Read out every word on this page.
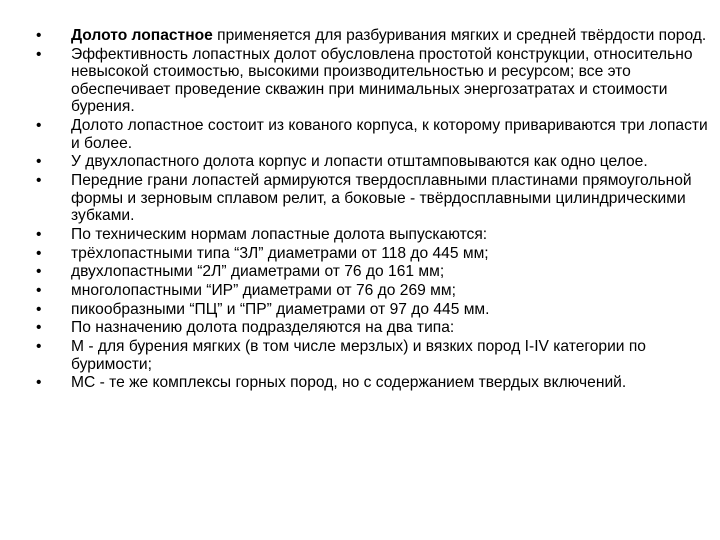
•	Долото лопастное применяется для разбуривания мягких и средней твёрдости пород.
•	Эффективность лопастных долот обусловлена простотой конструкции, относительно невысокой стоимостью, высокими производительностью и ресурсом; все это обеспечивает проведение скважин при минимальных энергозатратах и стоимости бурения.
•	Долото лопастное состоит из кованого корпуса, к которому привариваются три лопасти и более.
•	У двухлопастного долота корпус и лопасти отштамповываются как одно целое.
•	Передние грани лопастей армируются твердосплавными пластинами прямоугольной формы и зерновым сплавом релит, а боковые - твёрдосплавными цилиндрическими зубками.
•	По техническим нормам лопастные долота выпускаются:
•	трёхлопастными типа “3Л” диаметрами от 118 до 445 мм;
•	двухлопастными “2Л” диаметрами от 76 до 161 мм;
•	многолопастными “ИР” диаметрами от 76 до 269 мм;
•	пикообразными “ПЦ” и “ПР” диаметрами от 97 до 445 мм.
•	По назначению долота подразделяются на два типа:
•	М - для бурения мягких (в том числе мерзлых) и вязких пород I-IV категории по буримости;
•	МС - те же комплексы горных пород, но с содержанием твердых включений.
